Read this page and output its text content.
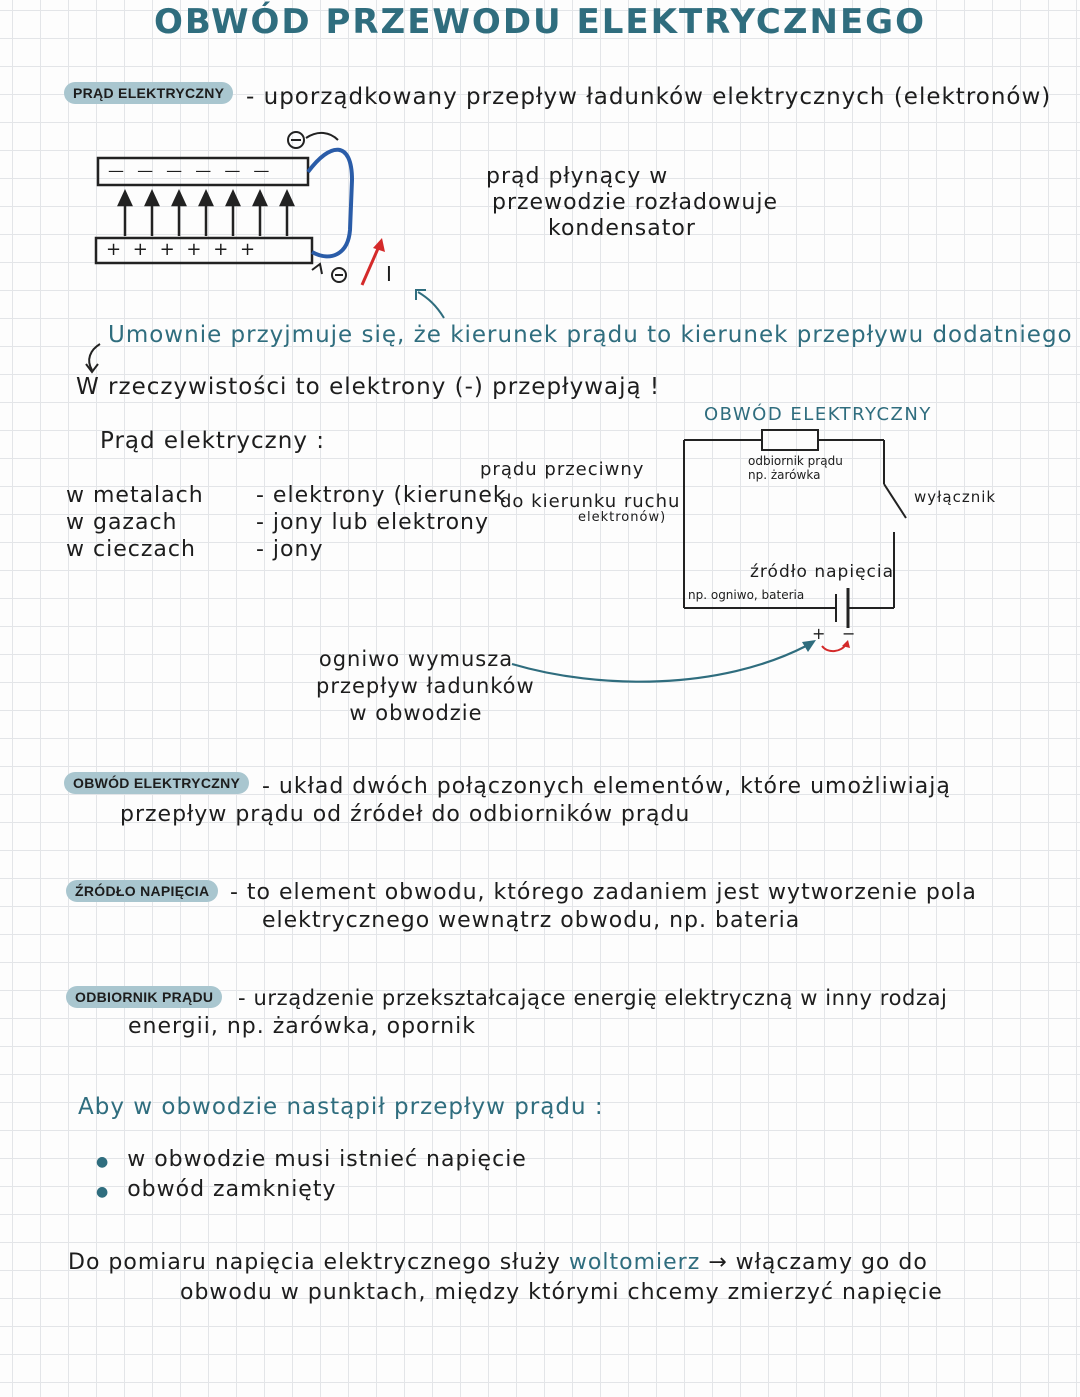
OBWÓD PRZEWODU ELEKTRYCZNEGO
PRĄD ELEKTRYCZNY - uporządkowany przepływ ładunków elektrycznych (elektronów)
— — — — — —
+ + + + + +
I
prąd płynący w
przewodzie rozładowuje
kondensator
Umownie przyjmuje się, że kierunek prądu to kierunek przepływu dodatniego
W rzeczywistości to elektrony (-) przepływają !
Prąd elektryczny :
w metalach - elektrony (kierunek
w gazach	- jony lub elektrony
w cieczach	- jony
prądu przeciwny
do kierunku ruchu
elektronów)
OBWÓD ELEKTRYCZNY
odbiornik prądu
np. żarówka
wyłącznik
źródło napięcia
np. ogniwo, bateria
+ −
ogniwo wymusza
przepływ ładunków
w obwodzie
OBWÓD ELEKTRYCZNY - układ dwóch połączonych elementów, które umożliwiają
przepływ prądu od źródeł do odbiorników prądu
ŹRÓDŁO NAPIĘCIA - to element obwodu, którego zadaniem jest wytworzenie pola
elektrycznego wewnątrz obwodu, np. bateria
ODBIORNIK PRĄDU	- urządzenie przekształcające energię elektryczną w inny rodzaj
energii, np. żarówka, opornik
Aby w obwodzie nastąpił przepływ prądu :
● w obwodzie musi istnieć napięcie
● obwód zamknięty
Do pomiaru napięcia elektrycznego służy woltomierz → włączamy go do
obwodu w punktach, między którymi chcemy zmierzyć napięcie
